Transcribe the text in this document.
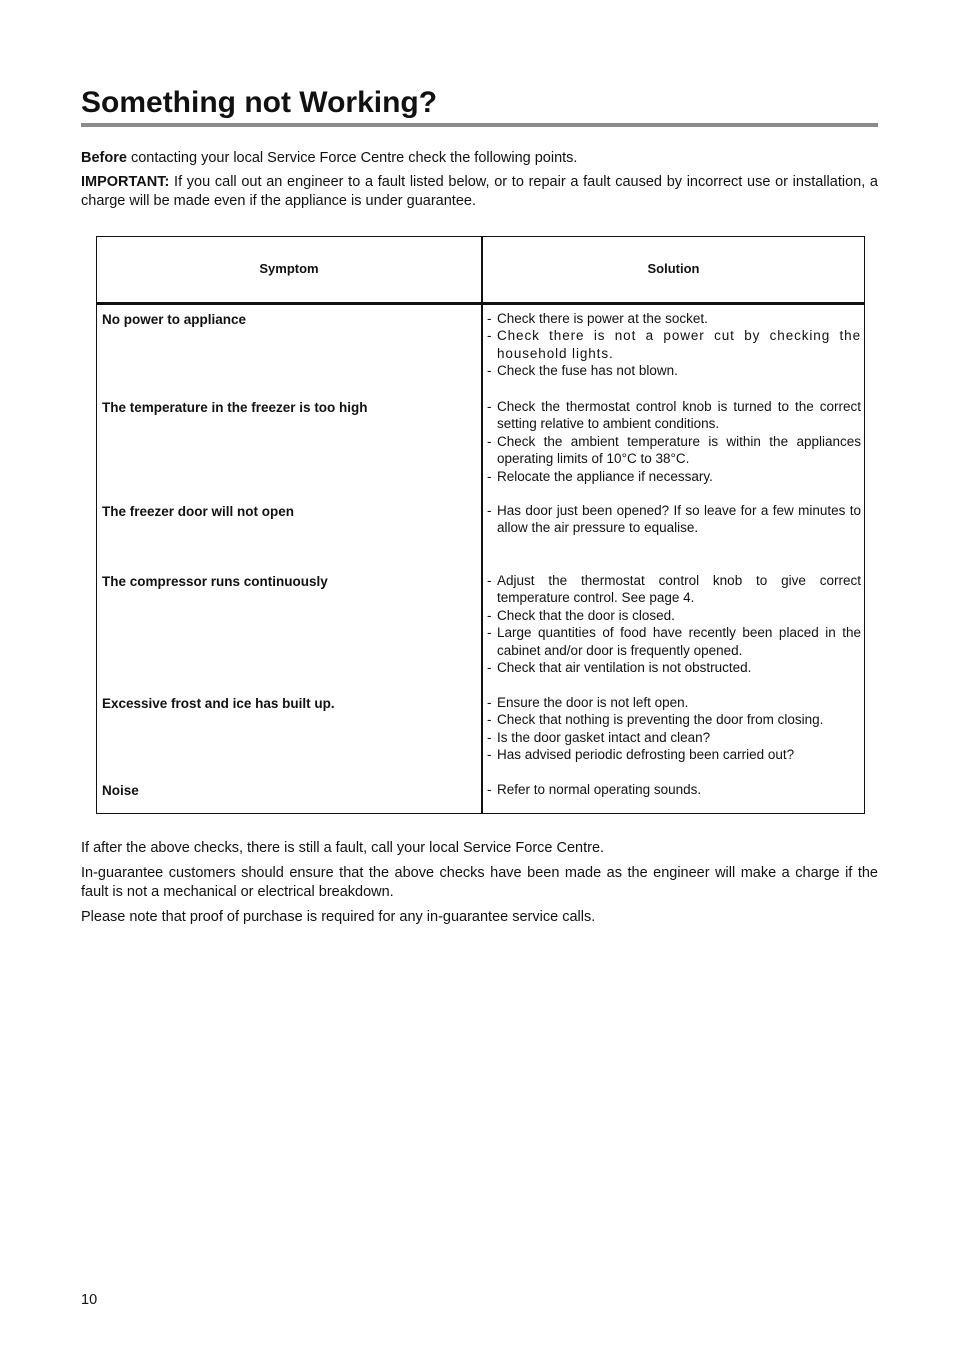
Something not Working?

Before contacting your local Service Force Centre check the following points.

IMPORTANT: If you call out an engineer to a fault listed below, or to repair a fault caused by incorrect use or installation, a charge will be made even if the appliance is under guarantee.

Symptom	Solution
No power to appliance	- Check there is power at the socket.
- Check there is not a power cut by checking the household lights.
- Check the fuse has not blown.
The temperature in the freezer is too high	- Check the thermostat control knob is turned to the correct setting relative to ambient conditions.
- Check the ambient temperature is within the appliances operating limits of 10°C to 38°C.
- Relocate the appliance if necessary.
The freezer door will not open	- Has door just been opened? If so leave for a few minutes to allow the air pressure to equalise.
The compressor runs continuously	- Adjust the thermostat control knob to give correct temperature control. See page 4.
- Check that the door is closed.
- Large quantities of food have recently been placed in the cabinet and/or door is frequently opened.
- Check that air ventilation is not obstructed.
Excessive frost and ice has built up.	- Ensure the door is not left open.
- Check that nothing is preventing the door from closing.
- Is the door gasket intact and clean?
- Has advised periodic defrosting been carried out?
Noise	- Refer to normal operating sounds.

If after the above checks, there is still a fault, call your local Service Force Centre.

In-guarantee customers should ensure that the above checks have been made as the engineer will make a charge if the fault is not a mechanical or electrical breakdown.

Please note that proof of purchase is required for any in-guarantee service calls.

10
